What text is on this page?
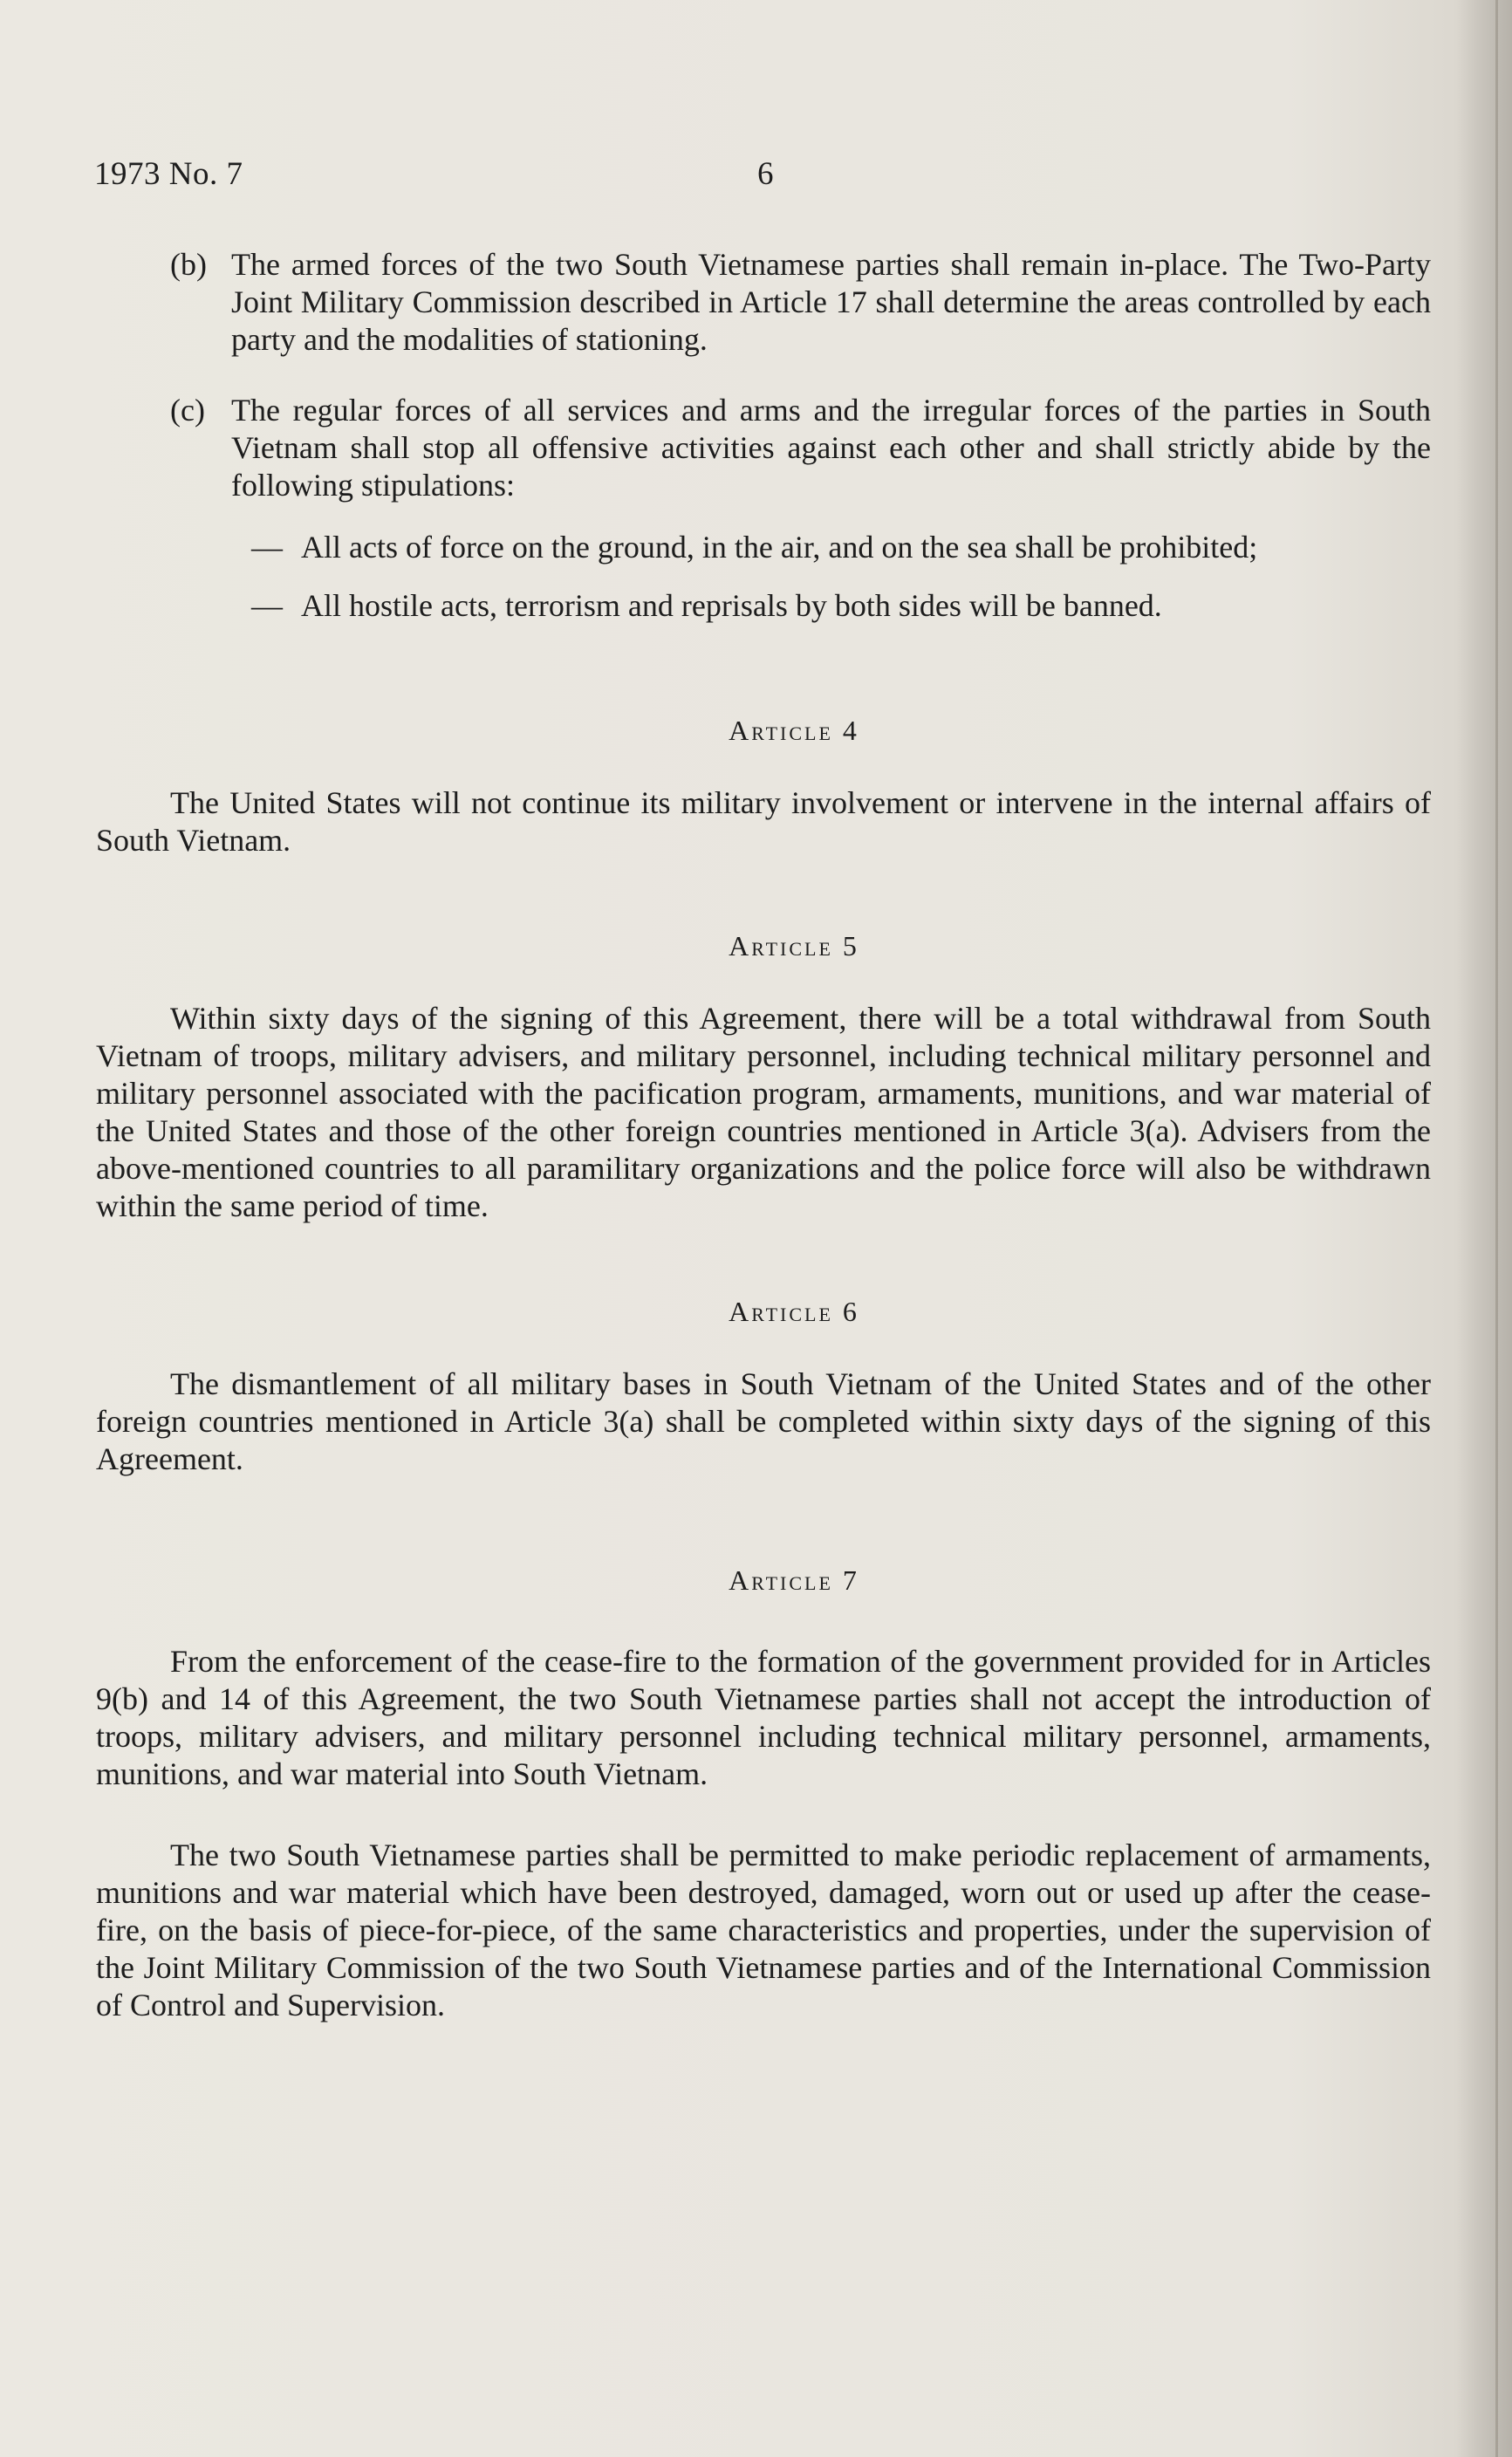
1973 No. 7	6
(b) The armed forces of the two South Vietnamese parties shall remain in-place. The Two-Party Joint Military Commission described in Article 17 shall determine the areas controlled by each party and the modalities of stationing.
(c) The regular forces of all services and arms and the irregular forces of the parties in South Vietnam shall stop all offensive activities against each other and shall strictly abide by the following stipulations:
— All acts of force on the ground, in the air, and on the sea shall be prohibited;
— All hostile acts, terrorism and reprisals by both sides will be banned.
Article 4

The United States will not continue its military involvement or intervene in the internal affairs of South Vietnam.

Article 5

Within sixty days of the signing of this Agreement, there will be a total withdrawal from South Vietnam of troops, military advisers, and military personnel, including technical military personnel and military personnel associated with the pacification program, armaments, munitions, and war material of the United States and those of the other foreign countries mentioned in Article 3(a). Advisers from the above-mentioned countries to all paramilitary organizations and the police force will also be withdrawn within the same period of time.

Article 6

The dismantlement of all military bases in South Vietnam of the United States and of the other foreign countries mentioned in Article 3(a) shall be completed within sixty days of the signing of this Agreement.

Article 7

From the enforcement of the cease-fire to the formation of the government provided for in Articles 9(b) and 14 of this Agreement, the two South Vietnamese parties shall not accept the introduction of troops, military advisers, and military personnel including technical military personnel, armaments, munitions, and war material into South Vietnam.

The two South Vietnamese parties shall be permitted to make periodic replacement of armaments, munitions and war material which have been destroyed, damaged, worn out or used up after the cease-fire, on the basis of piece-for-piece, of the same characteristics and properties, under the supervision of the Joint Military Commission of the two South Vietnamese parties and of the International Commission of Control and Supervision.
